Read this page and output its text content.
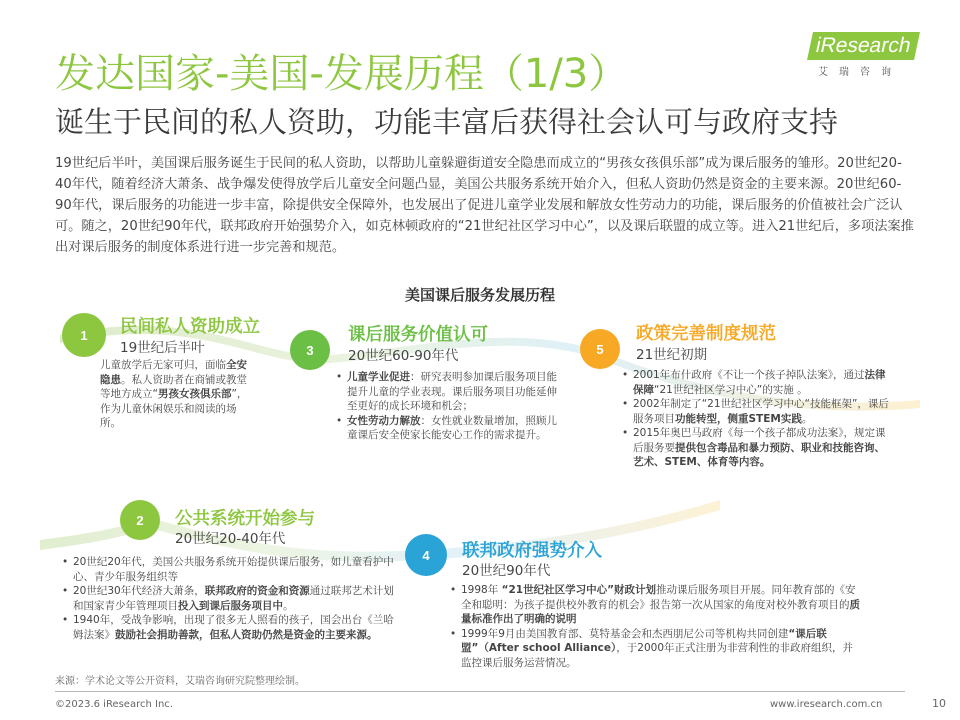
发达国家-美国-发展历程（1/3）
诞生于民间的私人资助，功能丰富后获得社会认可与政府支持
iResearch
艾瑞咨询
19世纪后半叶，美国课后服务诞生于民间的私人资助，以帮助儿童躲避街道安全隐患而成立的“男孩女孩俱乐部”成为课后服务的雏形。20世纪20-40年代，随着经济大萧条、战争爆发使得放学后儿童安全问题凸显，美国公共服务系统开始介入，但私人资助仍然是资金的主要来源。20世纪60-90年代，课后服务的功能进一步丰富，除提供安全保障外，也发展出了促进儿童学业发展和解放女性劳动力的功能，课后服务的价值被社会广泛认可。随之，20世纪90年代，联邦政府开始强势介入，如克林顿政府的“21世纪社区学习中心”，以及课后联盟的成立等。进入21世纪后，多项法案推出对课后服务的制度体系进行进一步完善和规范。
美国课后服务发展历程
1	民间私人资助成立
19世纪后半叶
儿童放学后无家可归，面临全安隐患。私人资助者在商铺或教堂等地方成立“男孩女孩俱乐部”，作为儿童休闲娱乐和阅读的场所。
3
课后服务价值认可
20世纪60-90年代
• 儿童学业促进：研究表明参加课后服务项目能提升儿童的学业表现。课后服务项目功能延伸至更好的成长环境和机会；
• 女性劳动力解放：女性就业数量增加，照顾儿童课后安全使家长能安心工作的需求提升。
5
政策完善制度规范
21世纪初期
• 2001年布什政府《不让一个孩子掉队法案》，通过法律保障“21世纪社区学习中心”的实施 。
• 2002年制定了“21世纪社区学习中心“技能框架”，课后服务项目功能转型，侧重STEM实践。
• 2015年奥巴马政府《每一个孩子都成功法案》，规定课后服务要提供包含毒品和暴力预防、职业和技能咨询、艺术、STEM、体育等内容。
2	公共系统开始参与
20世纪20-40年代
• 20世纪20年代，美国公共服务系统开始提供课后服务，如儿童看护中心、青少年服务组织等
• 20世纪30年代经济大萧条，联邦政府的资金和资源通过联邦艺术计划和国家青少年管理项目投入到课后服务项目中。
• 1940年，受战争影响，出现了很多无人照看的孩子，国会出台《兰哈姆法案》鼓励社会捐助善款，但私人资助仍然是资金的主要来源。
4	联邦政府强势介入
20世纪90年代
• 1998年 “21世纪社区学习中心”财政计划推动课后服务项目开展。同年教育部的《安全和聪明：为孩子提供校外教育的机会》报告第一次从国家的角度对校外教育项目的质量标准作出了明确的说明
• 1999年9月由美国教育部、莫特基金会和杰西朋尼公司等机构共同创建“课后联盟”（After school Alliance），于2000年正式注册为非营利性的非政府组织，并监控课后服务运营情况。
来源：学术论文等公开资料，艾瑞咨询研究院整理绘制。
©2023.6 iResearch Inc.	www.iresearch.com.cn	10
